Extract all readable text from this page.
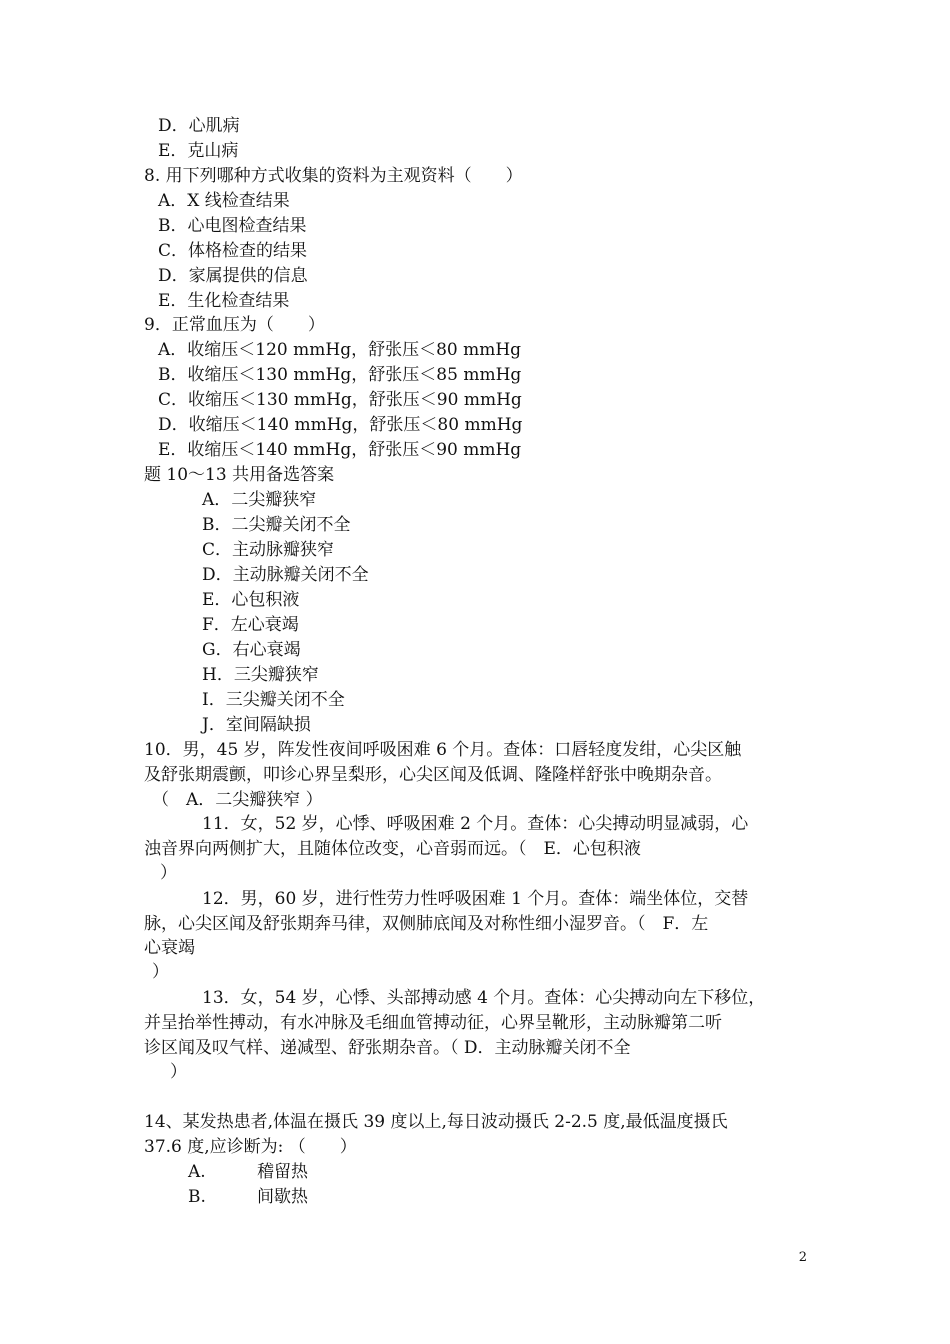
D．心肌病
E．克山病
8. 用下列哪种方式收集的资料为主观资料（　　）
A．X 线检查结果
B．心电图检查结果
C．体格检查的结果
D．家属提供的信息
E．生化检查结果
9．正常血压为（　　）
A．收缩压＜120 mmHg，舒张压＜80 mmHg
B．收缩压＜130 mmHg，舒张压＜85 mmHg
C．收缩压＜130 mmHg，舒张压＜90 mmHg
D．收缩压＜140 mmHg，舒张压＜80 mmHg
E．收缩压＜140 mmHg，舒张压＜90 mmHg
题 10～13 共用备选答案
A．二尖瓣狭窄
B．二尖瓣关闭不全
C．主动脉瓣狭窄
D．主动脉瓣关闭不全
E．心包积液
F．左心衰竭
G．右心衰竭
H．三尖瓣狭窄
I．三尖瓣关闭不全
J．室间隔缺损
10．男，45 岁，阵发性夜间呼吸困难 6 个月。查体：口唇轻度发绀，心尖区触
及舒张期震颤，叩诊心界呈梨形，心尖区闻及低调、隆隆样舒张中晚期杂音。
（　A．二尖瓣狭窄 ）
11．女，52 岁，心悸、呼吸困难 2 个月。查体：心尖搏动明显减弱，心
浊音界向两侧扩大，且随体位改变，心音弱而远。（　E．心包积液
）
12．男，60 岁，进行性劳力性呼吸困难 1 个月。查体：端坐体位，交替
脉，心尖区闻及舒张期奔马律，双侧肺底闻及对称性细小湿罗音。（　F．左
心衰竭
）
13．女，54 岁，心悸、头部搏动感 4 个月。查体：心尖搏动向左下移位，
并呈抬举性搏动，有水冲脉及毛细血管搏动征，心界呈靴形，主动脉瓣第二听
诊区闻及叹气样、递减型、舒张期杂音。（ D．主动脉瓣关闭不全
）
14、某发热患者,体温在摄氏 39 度以上,每日波动摄氏 2-2.5 度,最低温度摄氏
37.6 度,应诊断为: （　　）
A.	稽留热
B.	间歇热
2
